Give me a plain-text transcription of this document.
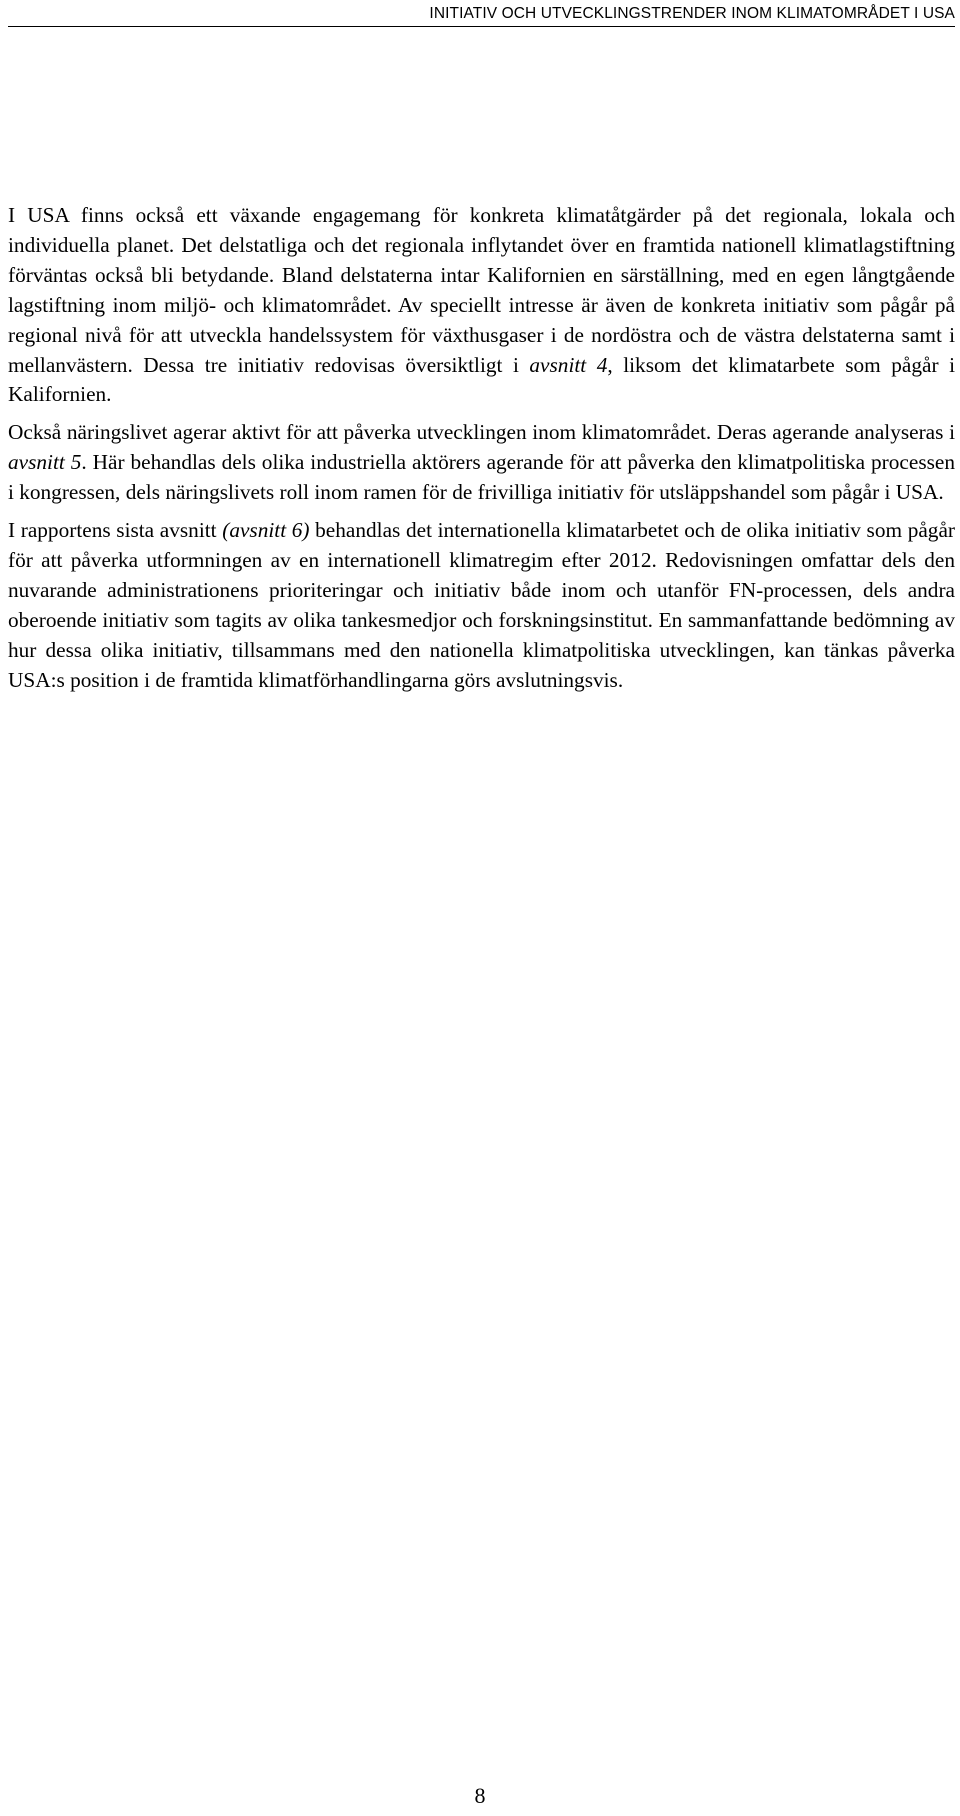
INITIATIV OCH UTVECKLINGSTRENDER INOM KLIMATOMRÅDET I USA

I USA finns också ett växande engagemang för konkreta klimatåtgärder på det regionala, lokala och individuella planet. Det delstatliga och det regionala inflytandet över en framtida nationell klimatlagstiftning förväntas också bli betydande. Bland delstaterna intar Kalifornien en särställning, med en egen långtgående lagstiftning inom miljö- och klimatområdet. Av speciellt intresse är även de konkreta initiativ som pågår på regional nivå för att utveckla handelssystem för växthusgaser i de nordöstra och de västra delstaterna samt i mellanvästern. Dessa tre initiativ redovisas översiktligt i avsnitt 4, liksom det klimatarbete som pågår i Kalifornien.

Också näringslivet agerar aktivt för att påverka utvecklingen inom klimatområdet. Deras agerande analyseras i avsnitt 5. Här behandlas dels olika industriella aktörers agerande för att påverka den klimatpolitiska processen i kongressen, dels näringslivets roll inom ramen för de frivilliga initiativ för utsläppshandel som pågår i USA.

I rapportens sista avsnitt (avsnitt 6) behandlas det internationella klimatarbetet och de olika initiativ som pågår för att påverka utformningen av en internationell klimatregim efter 2012. Redovisningen omfattar dels den nuvarande administrationens prioriteringar och initiativ både inom och utanför FN-processen, dels andra oberoende initiativ som tagits av olika tankesmedjor och forskningsinstitut. En sammanfattande bedömning av hur dessa olika initiativ, tillsammans med den nationella klimatpolitiska utvecklingen, kan tänkas påverka USA:s position i de framtida klimatförhandlingarna görs avslutningsvis.

8
